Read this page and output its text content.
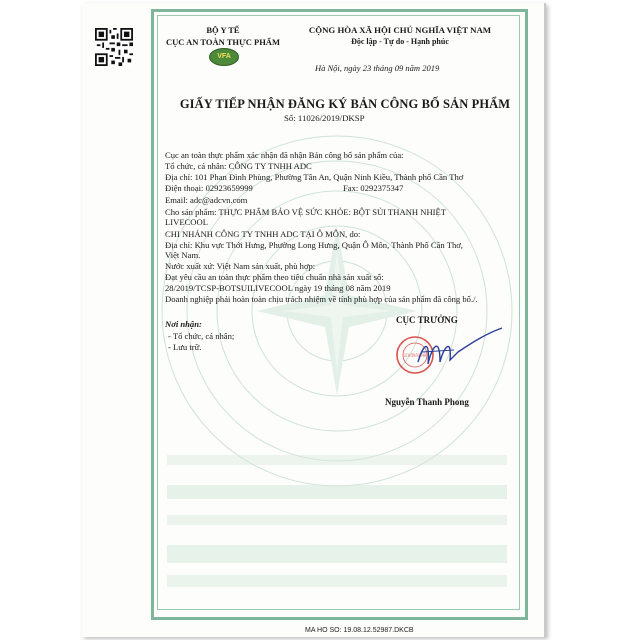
BỘ Y TẾ
CỤC AN TOÀN THỰC PHẨM
VFA
CỘNG HÒA XÃ HỘI CHỦ NGHĨA VIỆT NAM
Độc lập - Tự do - Hạnh phúc
Hà Nội, ngày 23 tháng 09 năm 2019
GIẤY TIẾP NHẬN ĐĂNG KÝ BẢN CÔNG BỐ SẢN PHẨM
Số: 11026/2019/DKSP
Cục an toàn thực phẩm xác nhận đã nhận Bản công bố sản phẩm của:
Tổ chức, cá nhân: CÔNG TY TNHH ADC
Địa chỉ: 101 Phan Đình Phùng, Phường Tân An, Quận Ninh Kiều, Thành phố Cần Thơ
Điện thoại: 02923659999	Fax: 0292375347
Email: adc@adcvn.com
Cho sản phẩm: THỰC PHẨM BẢO VỆ SỨC KHỎE: BỘT SỦI THANH NHIỆT
LIVECOOL
CHI NHÁNH CÔNG TY TNHH ADC TẠI Ô MÔN, do:
Địa chỉ: Khu vực Thới Hưng, Phường Long Hưng, Quận Ô Môn, Thành Phố Cần Thơ,
Việt Nam.
Nước xuất xứ: Việt Nam sản xuất, phù hợp:
Đạt yêu cầu an toàn thực phẩm theo tiêu chuẩn nhà sản xuất số:
28/2019/TCSP-BOTSUILIVECOOL ngày 19 tháng 08 năm 2019
Doanh nghiệp phải hoàn toàn chịu trách nhiệm về tính phù hợp của sản phẩm đã công bố./.
Nơi nhận:
- Tổ chức, cá nhân;
- Lưu trữ.
CỤC TRƯỞNG
CỤC AN TOÀN THỰC PHẨM
Nguyễn Thanh Phong
MA HO SO: 19.08.12.52987.DKCB
